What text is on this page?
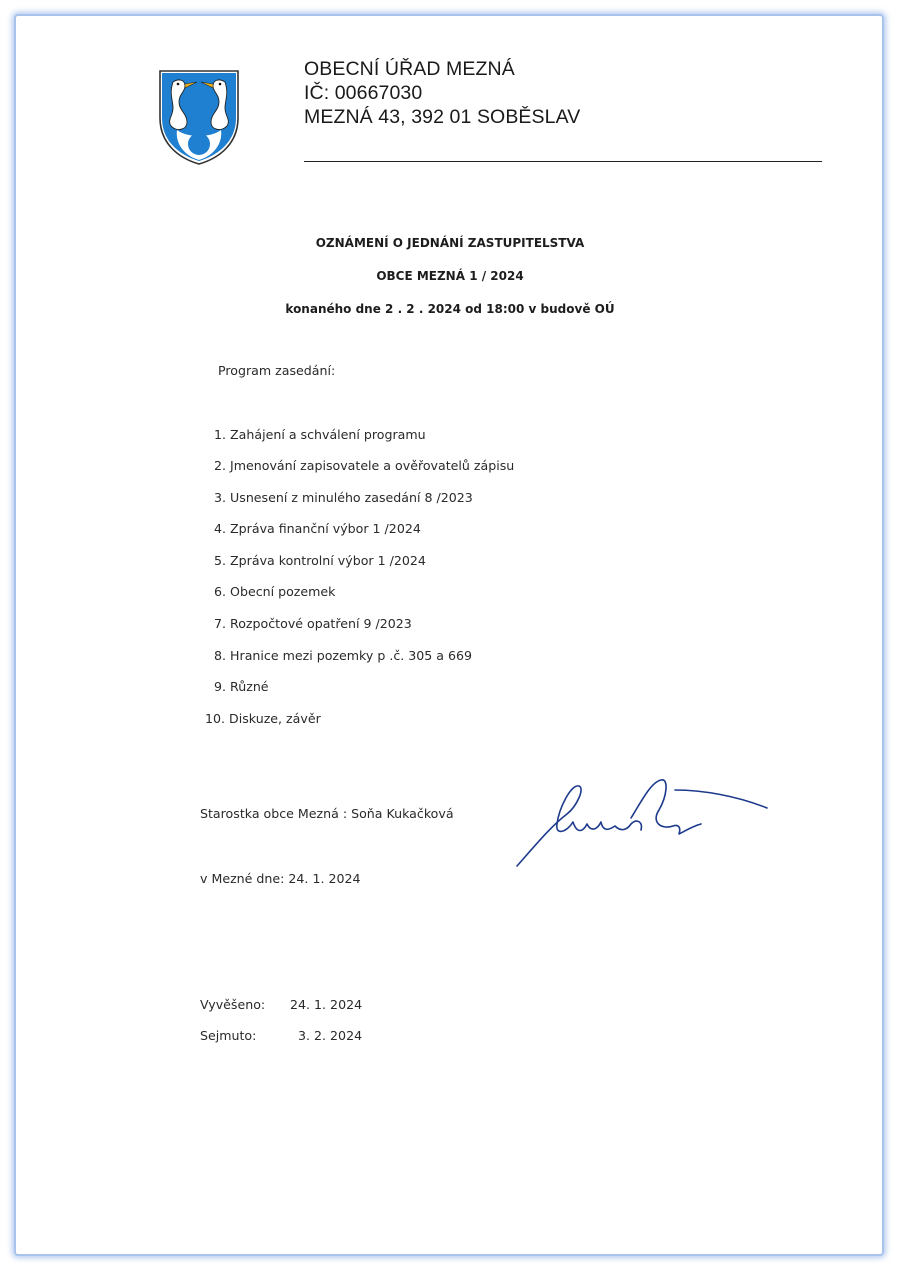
OBECNÍ ÚŘAD MEZNÁ
IČ: 00667030
MEZNÁ 43, 392 01 SOBĚSLAV
OZNÁMENÍ O JEDNÁNÍ ZASTUPITELSTVA
OBCE MEZNÁ 1 / 2024
konaného dne 2 . 2 . 2024 od 18:00 v budově OÚ
Program zasedání:
1. Zahájení a schválení programu
2. Jmenování zapisovatele a ověřovatelů zápisu
3. Usnesení z minulého zasedání 8 /2023
4. Zpráva finanční výbor 1 /2024
5. Zpráva kontrolní výbor 1 /2024
6. Obecní pozemek
7. Rozpočtové opatření 9 /2023
8. Hranice mezi pozemky p .č. 305 a 669
9. Různé
10. Diskuze, závěr
Starostka obce Mezná : Soňa Kukačková
v Mezné dne: 24. 1. 2024
Vyvěšeno: 24. 1. 2024
Sejmuto:	3. 2. 2024
